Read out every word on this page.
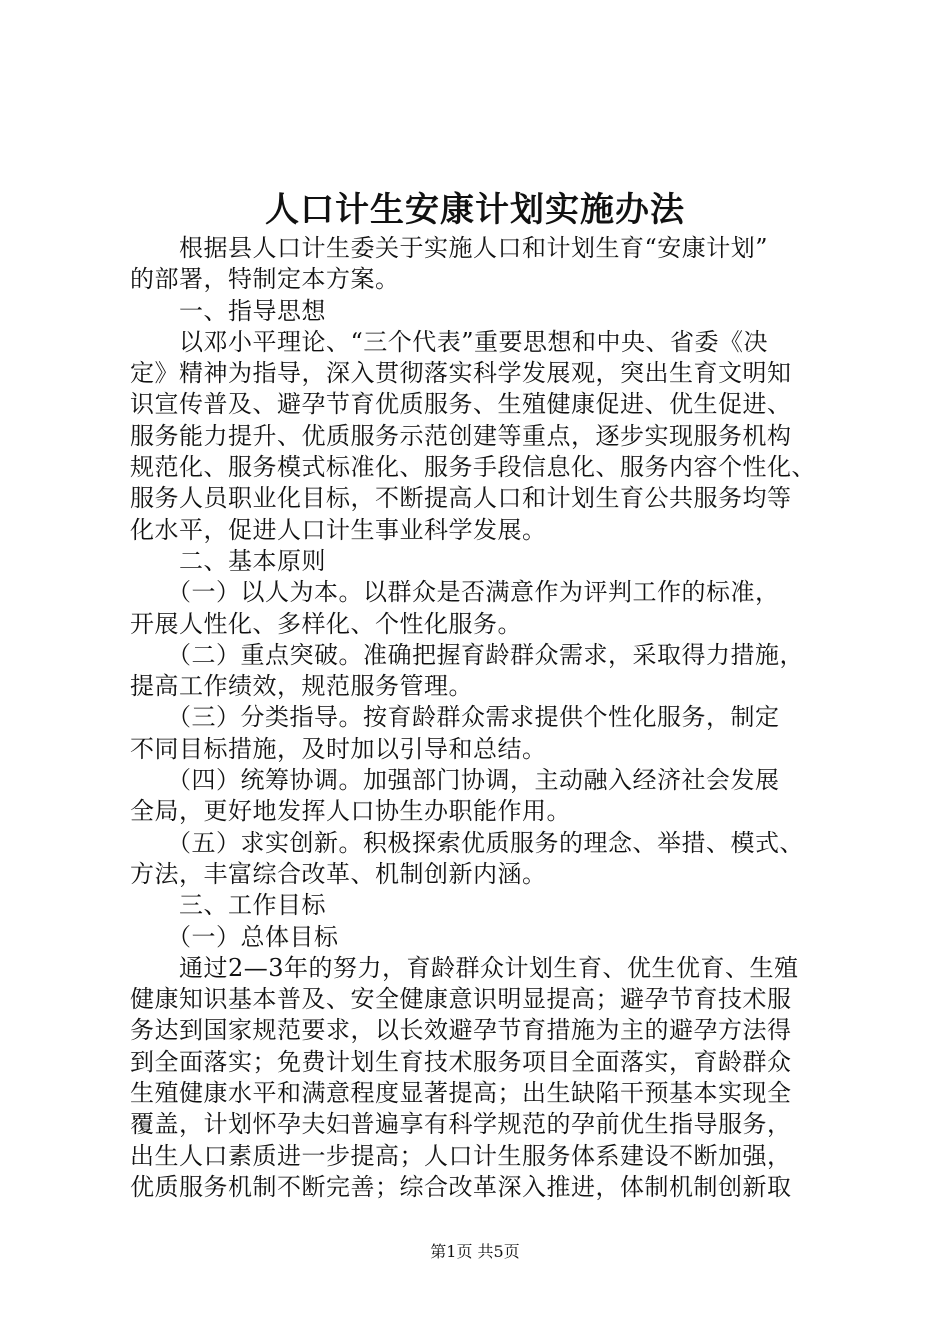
人口计生安康计划实施办法
　　根据县人口计生委关于实施人口和计划生育“安康计划”
的部署，特制定本方案。
　　一、指导思想
　　以邓小平理论、“三个代表”重要思想和中央、省委《决
定》精神为指导，深入贯彻落实科学发展观，突出生育文明知
识宣传普及、避孕节育优质服务、生殖健康促进、优生促进、
服务能力提升、优质服务示范创建等重点，逐步实现服务机构
规范化、服务模式标准化、服务手段信息化、服务内容个性化、
服务人员职业化目标，不断提高人口和计划生育公共服务均等
化水平，促进人口计生事业科学发展。
　　二、基本原则
　　（一）以人为本。以群众是否满意作为评判工作的标准，
开展人性化、多样化、个性化服务。
　　（二）重点突破。准确把握育龄群众需求，采取得力措施，
提高工作绩效，规范服务管理。
　　（三）分类指导。按育龄群众需求提供个性化服务，制定
不同目标措施，及时加以引导和总结。
　　（四）统筹协调。加强部门协调，主动融入经济社会发展
全局，更好地发挥人口协生办职能作用。
　　（五）求实创新。积极探索优质服务的理念、举措、模式、
方法，丰富综合改革、机制创新内涵。
　　三、工作目标
　　（一）总体目标
　　通过2—3年的努力，育龄群众计划生育、优生优育、生殖
健康知识基本普及、安全健康意识明显提高；避孕节育技术服
务达到国家规范要求，以长效避孕节育措施为主的避孕方法得
到全面落实；免费计划生育技术服务项目全面落实，育龄群众
生殖健康水平和满意程度显著提高；出生缺陷干预基本实现全
覆盖，计划怀孕夫妇普遍享有科学规范的孕前优生指导服务，
出生人口素质进一步提高；人口计生服务体系建设不断加强，
优质服务机制不断完善；综合改革深入推进，体制机制创新取
第1页 共5页
